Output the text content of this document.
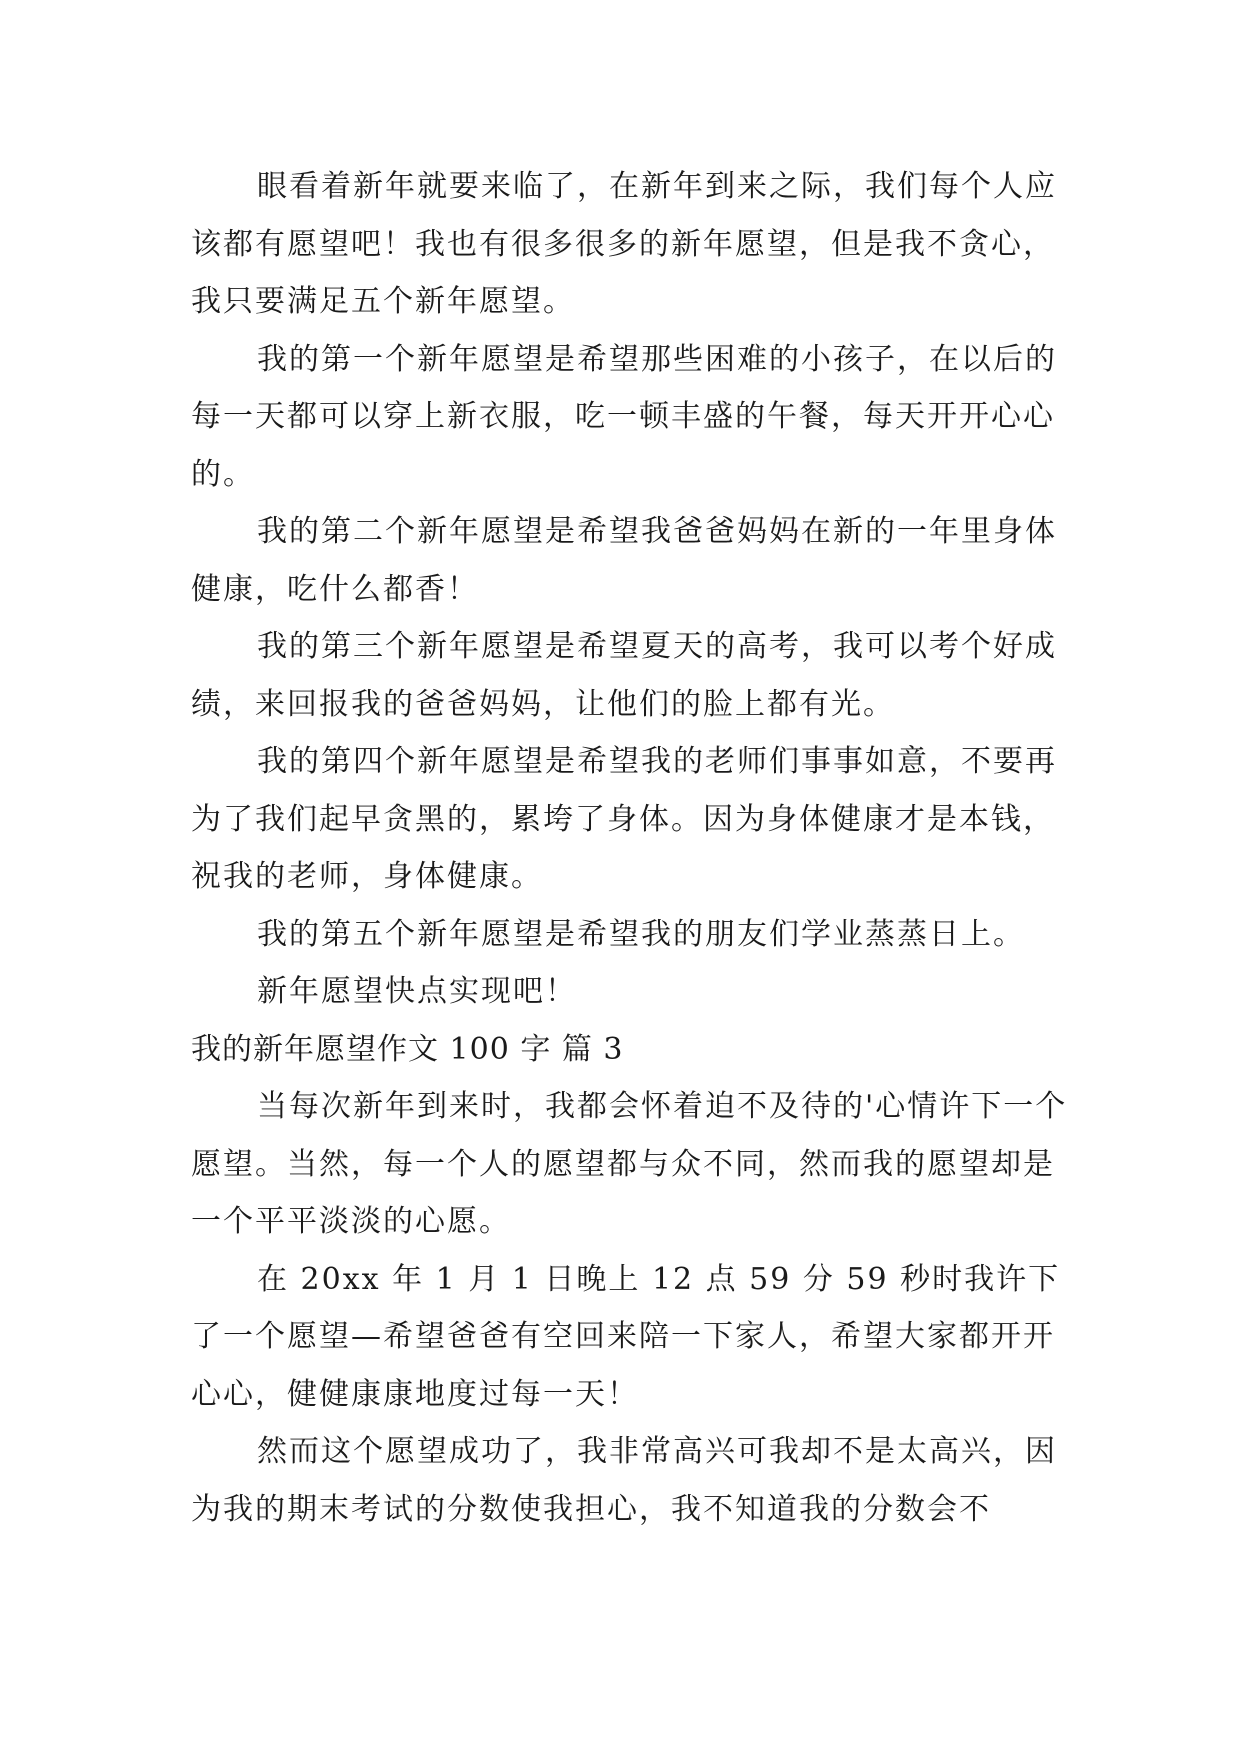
眼看着新年就要来临了，在新年到来之际，我们每个人应该都有愿望吧！我也有很多很多的新年愿望，但是我不贪心，我只要满足五个新年愿望。

我的第一个新年愿望是希望那些困难的小孩子，在以后的每一天都可以穿上新衣服，吃一顿丰盛的午餐，每天开开心心的。

我的第二个新年愿望是希望我爸爸妈妈在新的一年里身体健康，吃什么都香！

我的第三个新年愿望是希望夏天的高考，我可以考个好成绩，来回报我的爸爸妈妈，让他们的脸上都有光。

我的第四个新年愿望是希望我的老师们事事如意，不要再为了我们起早贪黑的，累垮了身体。因为身体健康才是本钱，祝我的老师，身体健康。

我的第五个新年愿望是希望我的朋友们学业蒸蒸日上。

新年愿望快点实现吧！

我的新年愿望作文 100 字 篇 3

当每次新年到来时，我都会怀着迫不及待的'心情许下一个愿望。当然，每一个人的愿望都与众不同，然而我的愿望却是一个平平淡淡的心愿。

在 20xx 年 1 月 1 日晚上 12 点 59 分 59 秒时我许下了一个愿望—希望爸爸有空回来陪一下家人，希望大家都开开心心，健健康康地度过每一天！

然而这个愿望成功了，我非常高兴可我却不是太高兴，因为我的期末考试的分数使我担心，我不知道我的分数会不
